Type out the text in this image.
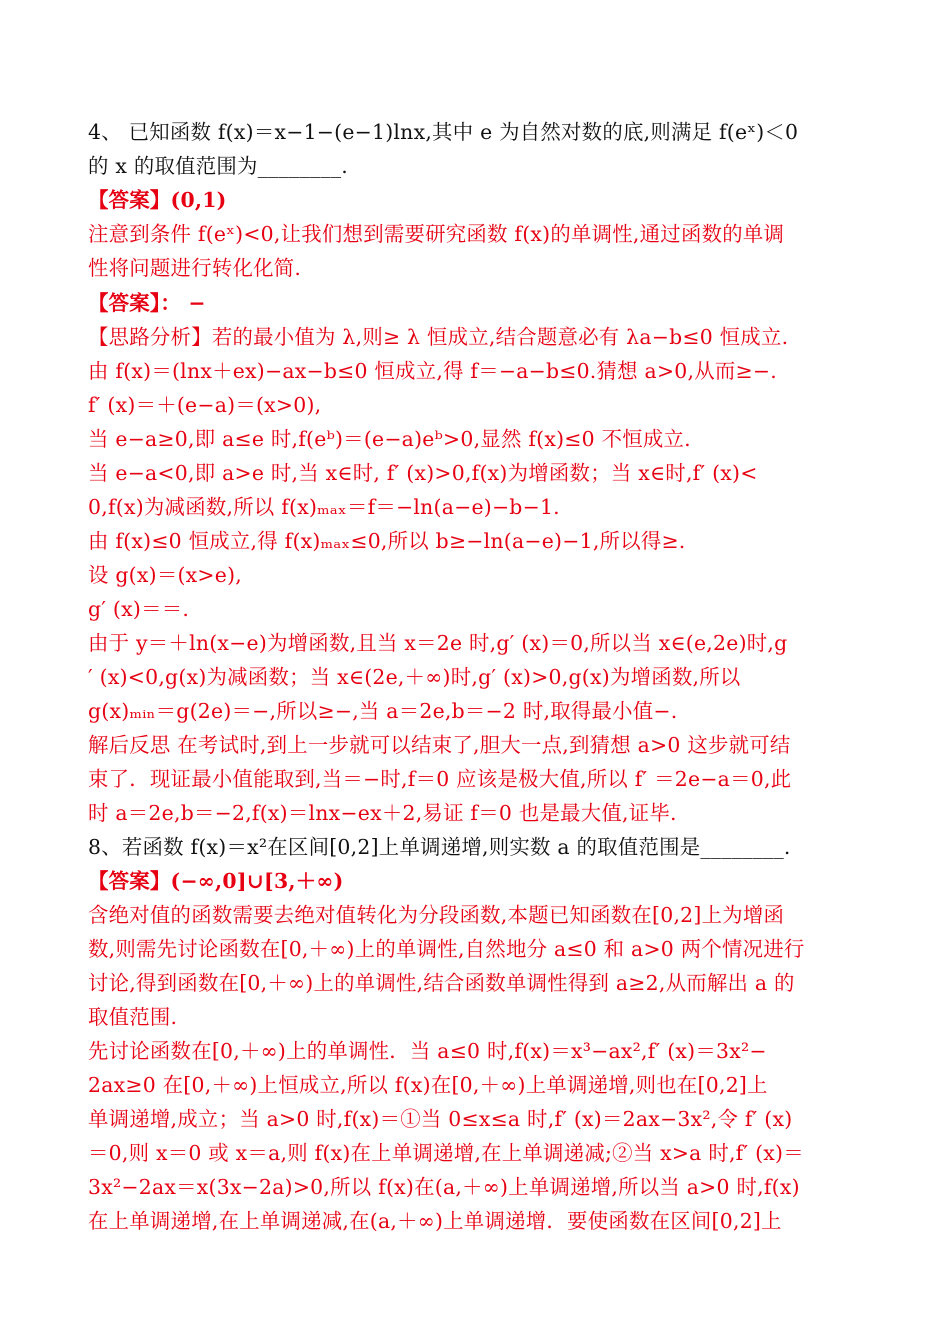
4、 已知函数 f(x)＝x−1−(e−1)lnx,其中 e 为自然对数的底,则满足 f(eˣ)＜0
的 x 的取值范围为________.
【答案】(0,1)
注意到条件 f(eˣ)<0,让我们想到需要研究函数 f(x)的单调性,通过函数的单调
性将问题进行转化化简.
【答案】： −
【思路分析】若的最小值为 λ,则≥ λ 恒成立,结合题意必有 λa−b≤0 恒成立.
由 f(x)＝(lnx＋ex)−ax−b≤0 恒成立,得 f＝−a−b≤0.猜想 a>0,从而≥−.
f′ (x)＝＋(e−a)＝(x>0),
当 e−a≥0,即 a≤e 时,f(eᵇ)＝(e−a)eᵇ>0,显然 f(x)≤0 不恒成立.
当 e−a<0,即 a>e 时,当 x∈时, f′ (x)>0,f(x)为增函数；当 x∈时,f′ (x)<
0,f(x)为减函数,所以 f(x)ₘₐₓ＝f＝−ln(a−e)−b−1.
由 f(x)≤0 恒成立,得 f(x)ₘₐₓ≤0,所以 b≥−ln(a−e)−1,所以得≥.
设 g(x)＝(x>e),
g′ (x)＝＝.
由于 y＝＋ln(x−e)为增函数,且当 x＝2e 时,g′ (x)＝0,所以当 x∈(e,2e)时,g
′ (x)<0,g(x)为减函数；当 x∈(2e,＋∞)时,g′ (x)>0,g(x)为增函数,所以
g(x)ₘᵢₙ＝g(2e)＝−,所以≥−,当 a＝2e,b＝−2 时,取得最小值−.
解后反思 在考试时,到上一步就可以结束了,胆大一点,到猜想 a>0 这步就可结
束了．现证最小值能取到,当＝−时,f＝0 应该是极大值,所以 f′ ＝2e−a＝0,此
时 a＝2e,b＝−2,f(x)＝lnx−ex＋2,易证 f＝0 也是最大值,证毕.
8、若函数 f(x)＝x²在区间[0,2]上单调递增,则实数 a 的取值范围是________.
【答案】(−∞,0]∪[3,＋∞)
含绝对值的函数需要去绝对值转化为分段函数,本题已知函数在[0,2]上为增函
数,则需先讨论函数在[0,＋∞)上的单调性,自然地分 a≤0 和 a>0 两个情况进行
讨论,得到函数在[0,＋∞)上的单调性,结合函数单调性得到 a≥2,从而解出 a 的
取值范围.
先讨论函数在[0,＋∞)上的单调性．当 a≤0 时,f(x)＝x³−ax²,f′ (x)＝3x²−
2ax≥0 在[0,＋∞)上恒成立,所以 f(x)在[0,＋∞)上单调递增,则也在[0,2]上
单调递增,成立；当 a>0 时,f(x)＝①当 0≤x≤a 时,f′ (x)＝2ax−3x²,令 f′ (x)
＝0,则 x＝0 或 x＝a,则 f(x)在上单调递增,在上单调递减;②当 x>a 时,f′ (x)＝
3x²−2ax＝x(3x−2a)>0,所以 f(x)在(a,＋∞)上单调递增,所以当 a>0 时,f(x)
在上单调递增,在上单调递减,在(a,＋∞)上单调递增．要使函数在区间[0,2]上
